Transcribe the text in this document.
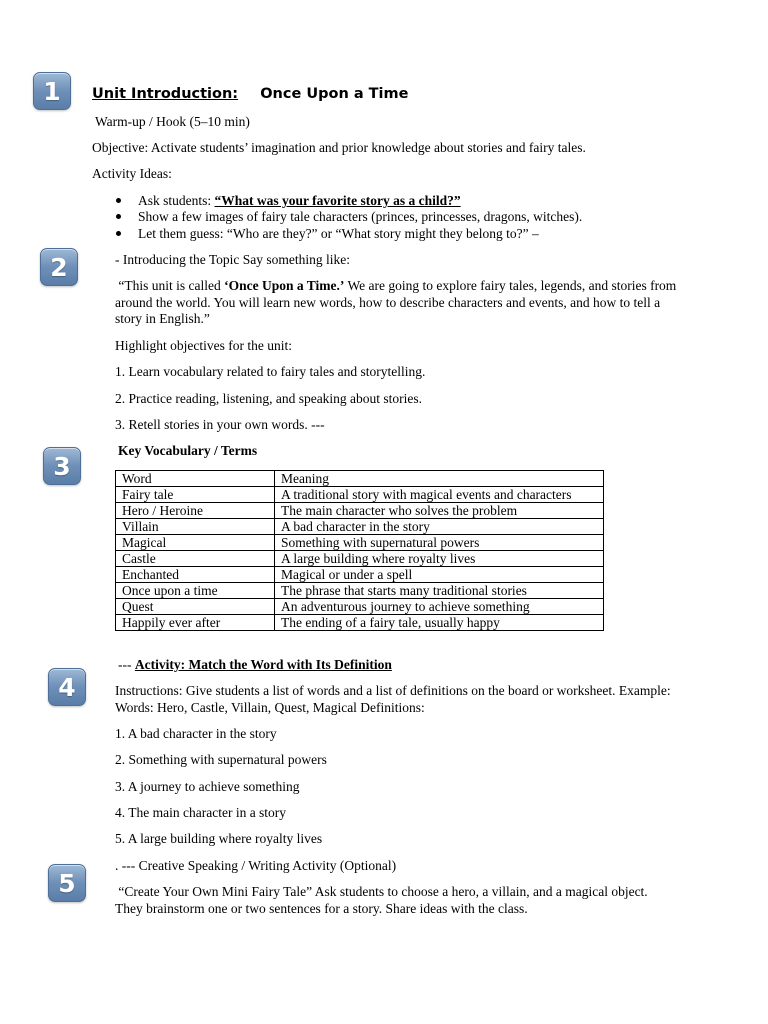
1	Unit Introduction: Once Upon a Time
Warm-up / Hook (5–10 min)
Objective: Activate students’ imagination and prior knowledge about stories and fairy tales.
Activity Ideas:
Ask students: “What was your favorite story as a child?”
Show a few images of fairy tale characters (princes, princesses, dragons, witches).
Let them guess: “Who are they?” or “What story might they belong to?” –
2	- Introducing the Topic Say something like:
“This unit is called ‘Once Upon a Time.’ We are going to explore fairy tales, legends, and stories from around the world. You will learn new words, how to describe characters and events, and how to tell a story in English.”
Highlight objectives for the unit:
1. Learn vocabulary related to fairy tales and storytelling.
2. Practice reading, listening, and speaking about stories.
3. Retell stories in your own words. ---
3
Key Vocabulary / Terms
Word	Meaning
Fairy tale	A traditional story with magical events and characters
Hero / Heroine	The main character who solves the problem
Villain	A bad character in the story
Magical	Something with supernatural powers
Castle	A large building where royalty lives
Enchanted	Magical or under a spell
Once upon a time	The phrase that starts many traditional stories
Quest	An adventurous journey to achieve something
Happily ever after	The ending of a fairy tale, usually happy
4
--- Activity: Match the Word with Its Definition
Instructions: Give students a list of words and a list of definitions on the board or worksheet. Example: Words: Hero, Castle, Villain, Quest, Magical Definitions:
1. A bad character in the story
2. Something with supernatural powers
3. A journey to achieve something
4. The main character in a story
5. A large building where royalty lives
5
. --- Creative Speaking / Writing Activity (Optional)
“Create Your Own Mini Fairy Tale” Ask students to choose a hero, a villain, and a magical object. They brainstorm one or two sentences for a story. Share ideas with the class.
